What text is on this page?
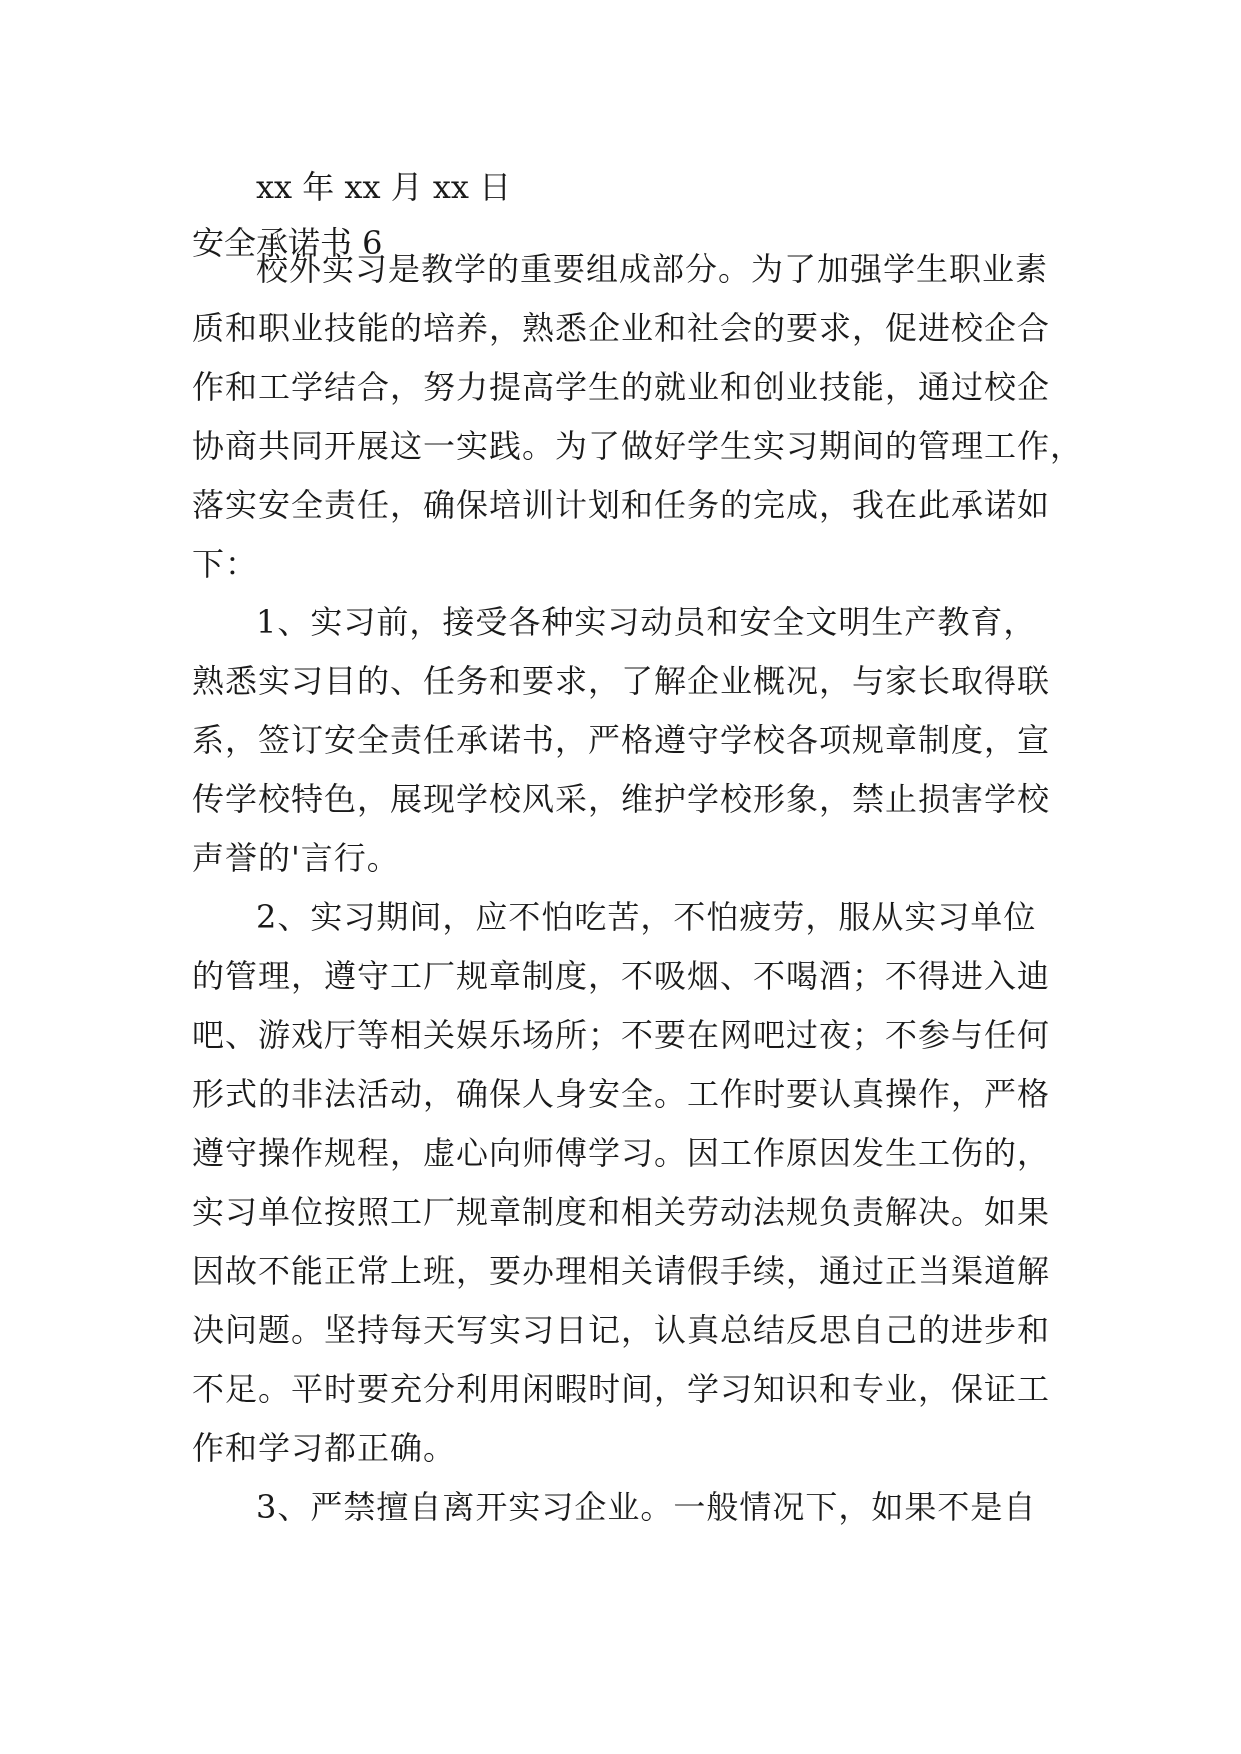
xx 年 xx 月 xx 日
安全承诺书 6
校外实习是教学的重要组成部分。为了加强学生职业素
质和职业技能的培养，熟悉企业和社会的要求，促进校企合
作和工学结合，努力提高学生的就业和创业技能，通过校企
协商共同开展这一实践。为了做好学生实习期间的管理工作，
落实安全责任，确保培训计划和任务的完成，我在此承诺如
下：
1、实习前，接受各种实习动员和安全文明生产教育，
熟悉实习目的、任务和要求，了解企业概况，与家长取得联
系，签订安全责任承诺书，严格遵守学校各项规章制度，宣
传学校特色，展现学校风采，维护学校形象，禁止损害学校
声誉的'言行。
2、实习期间，应不怕吃苦，不怕疲劳，服从实习单位
的管理，遵守工厂规章制度，不吸烟、不喝酒；不得进入迪
吧、游戏厅等相关娱乐场所；不要在网吧过夜；不参与任何
形式的非法活动，确保人身安全。工作时要认真操作，严格
遵守操作规程，虚心向师傅学习。因工作原因发生工伤的，
实习单位按照工厂规章制度和相关劳动法规负责解决。如果
因故不能正常上班，要办理相关请假手续，通过正当渠道解
决问题。坚持每天写实习日记，认真总结反思自己的进步和
不足。平时要充分利用闲暇时间，学习知识和专业，保证工
作和学习都正确。
3、严禁擅自离开实习企业。一般情况下，如果不是自
